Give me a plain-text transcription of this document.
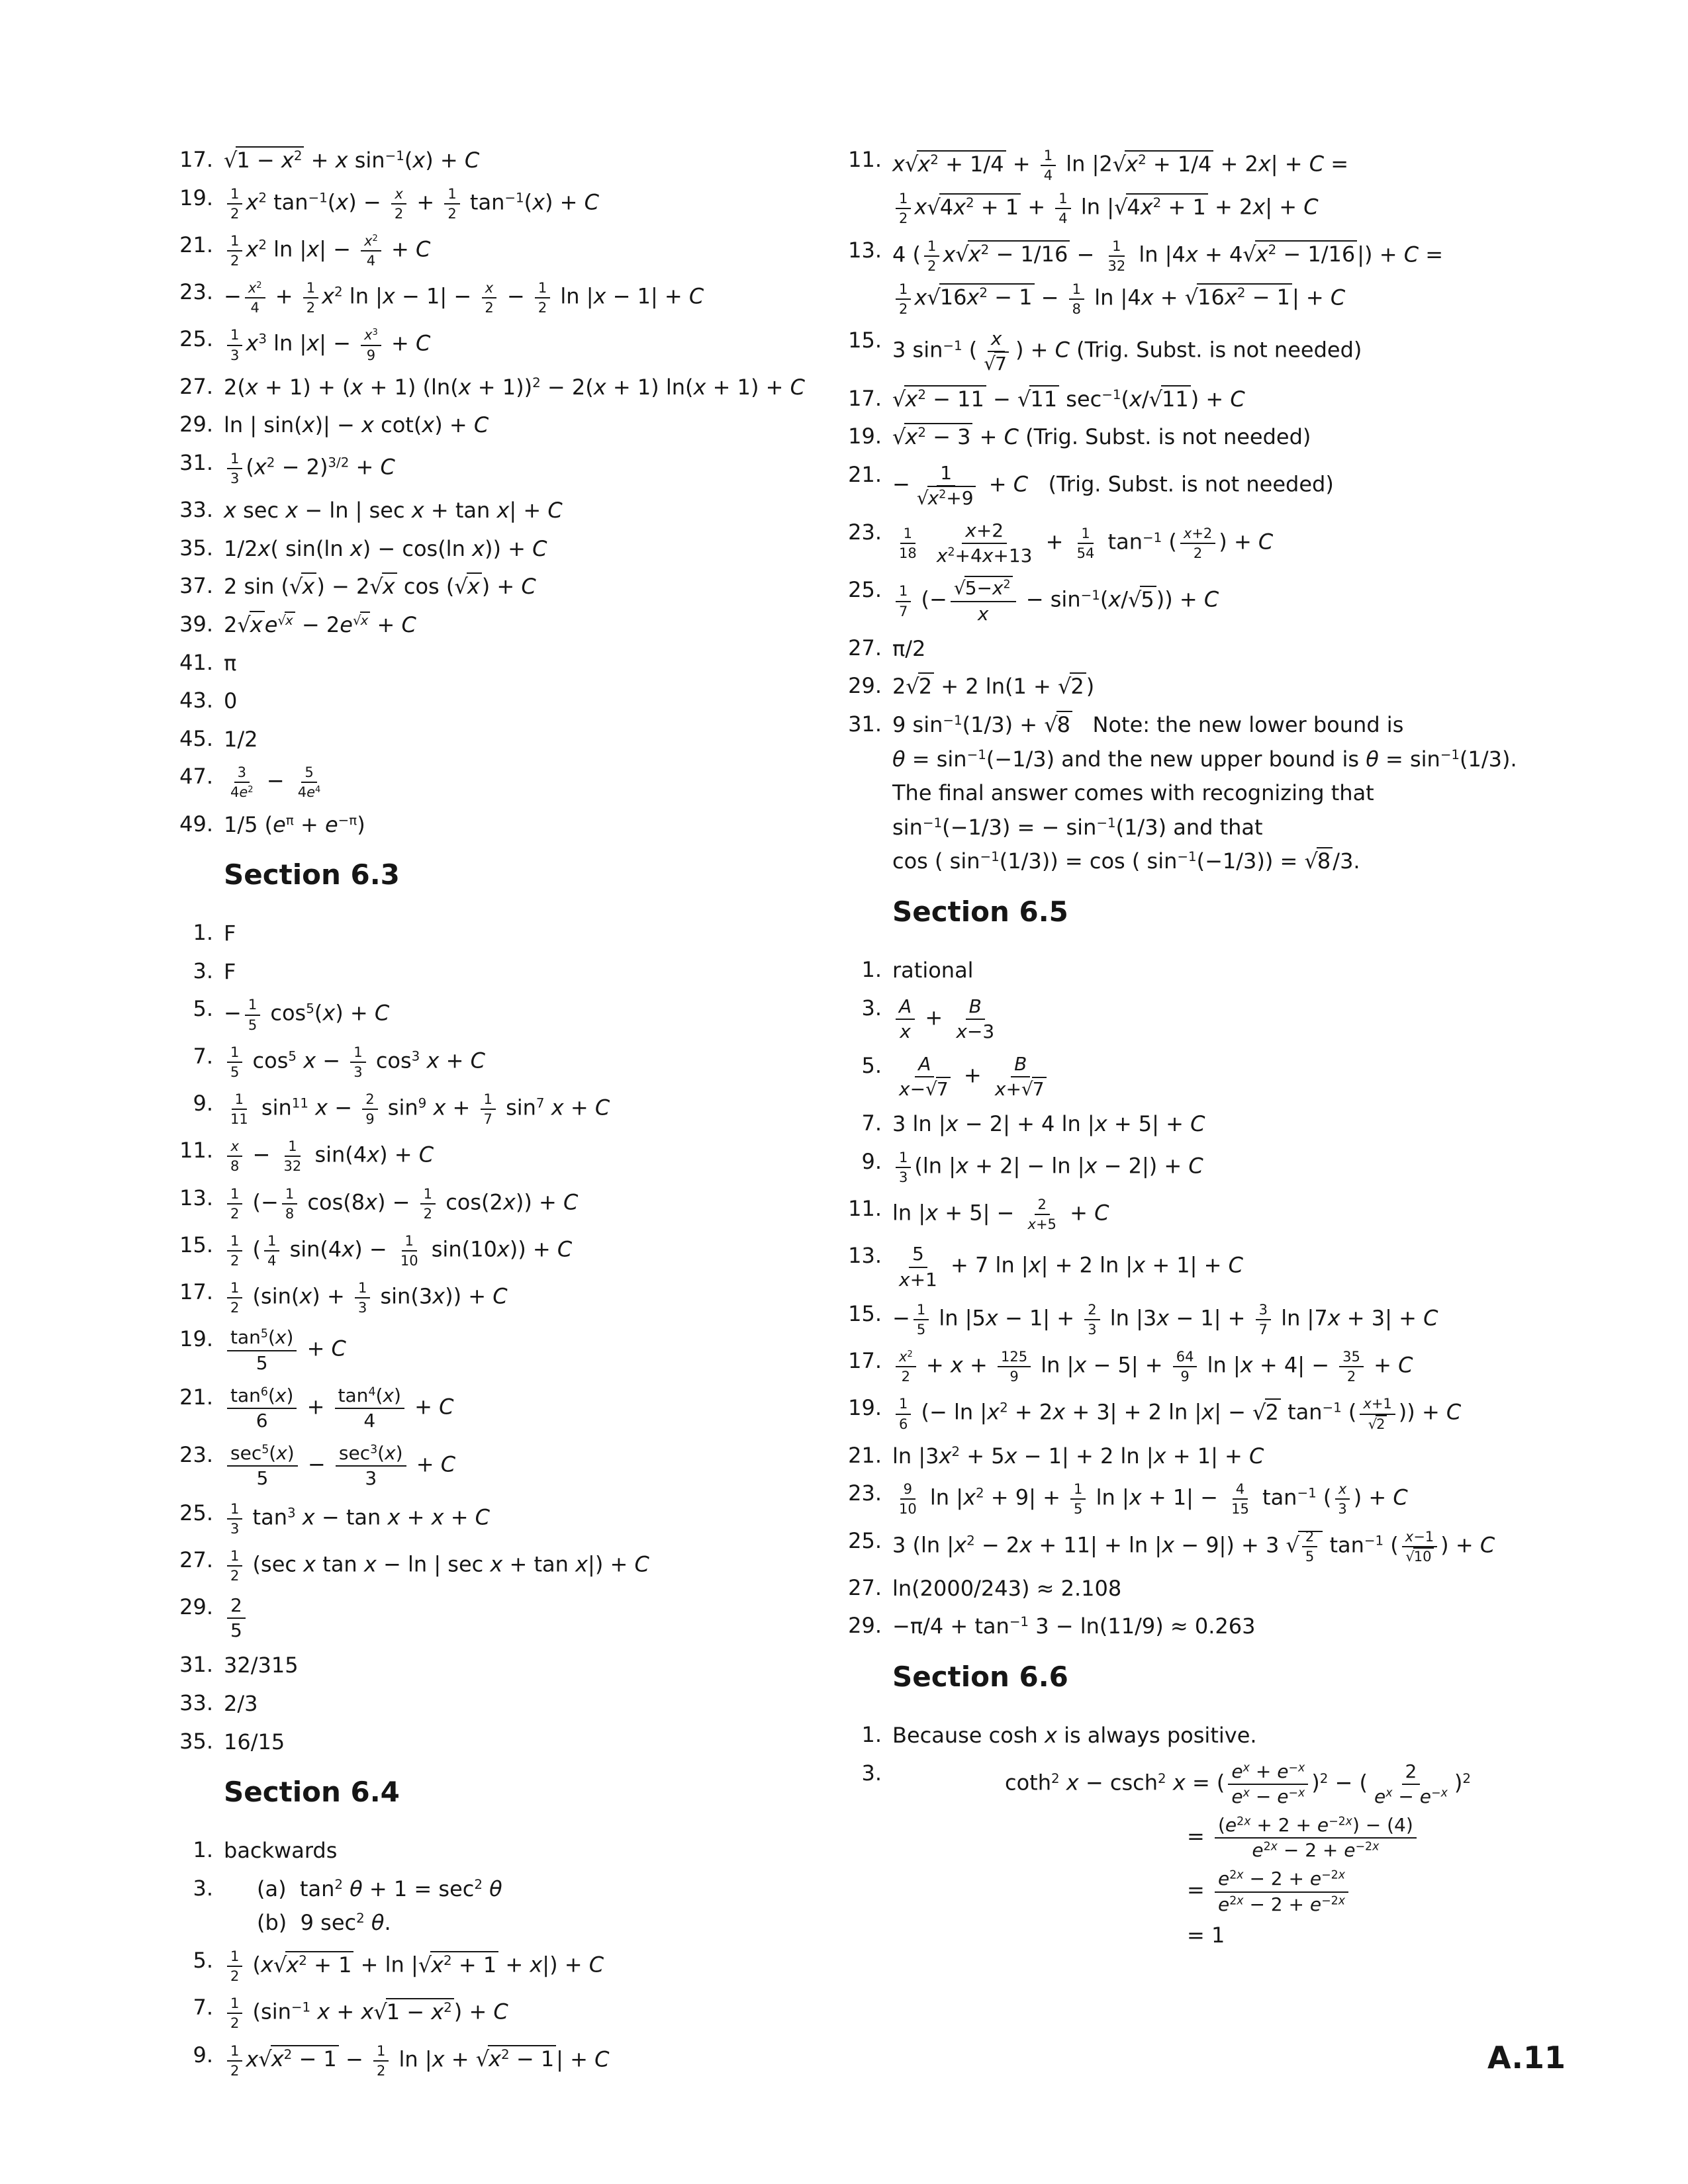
17. $√1 - x^2 + x$ $\sin^{-1}(x) + C$
19.	$\frac{1}{2} x^2$ $\tan^{-1}(x) - \frac{x}{2} + \frac{1}{2} \tan^{-1}(x) + C$
21.	$\frac{1}{2} x^2$ $\ln |x| - \frac{x^2}{4} + C$
23. − $\frac{x^2}{4} + \frac{1}{2} x^2$ $\ln |x - 1| - \frac{x}{2} - \frac{1}{2}$ ln |x − 1| + C
25.	$\frac{1}{3} x^3$ $\ln |x| - \frac{x^3}{9} + C$
27. 2(x + 1) + (x + 1) $(\ln(x + 1))^2 - 2(x + 1)$ ln(x + 1) + C
29. ln | sin(x)| − x cot(x) + C
31.	$\frac{1}{3} (x^2 - 2)^{3/2} + C$
33. x sec x − ln | sec x + tan x| + C
35. 1/2x( sin(ln x) − cos(ln x)) + C
37. 2 sin (√x) − 2√x cos (√x) + C
39. $2√xe^{√x} - 2e^{√x} + C$
41. π
43. 0
45. 1/2
47.	$\frac{3}{4e^2} - \frac{5}{4e^4}$
49. 1/5 $(e^\pi + e^{-\pi})$
Section 6.3
1. F
3. F
5. − $\frac{1}{5} \cos^5(x) + C$
7.	$\frac{1}{5} \cos^5 x - \frac{1}{3} \cos^3 x + C$
9.	$\frac{1}{11} \sin^{11} x - \frac{2}{9} \sin^9 x + \frac{1}{7} \sin^7 x + C$
11.	$\frac{x}{8} - \frac{1}{32} \sin(4x) + C$
13.	$\frac{1}{2}$ (− $\frac{1}{8} \cos(8x) - \frac{1}{2} \cos(2x)) + C$
15.	$\frac{1}{2}$ ( $\frac{1}{4} \sin(4x) - \frac{1}{10} \sin(10x)) + C$
17.	$\frac{1}{2} (\sin(x) + \frac{1}{3} \sin(3x)) + C$
19. $\frac{\tan^5(x)}{5} + C$
21. $\frac{\tan^6(x)}{6} + \frac{\tan^4(x)}{4} + C$
23. $\sec^5(x)$
5
− $\sec^3(x)$
3
+ C
25.	$\frac{1}{3} \tan^3 x - \tan x + x + C$
27.	$\frac{1}{2} (\sec$ x tan x − ln | sec x + tan x|) + C
29. $\frac{2}{5}$
31. 32/315
33. 2/3
35. 16/15
Section 6.4
1. backwards
3.	(a)  $\tan^2 \theta + 1 = \sec^2 \theta$
(b)  9 $\sec^2 \theta$.
5.	$\frac{1}{2} (x√x^2 + 1 + \ln |√x^2 + 1 + x|) + C$
7.	$\frac{1}{2} (\sin^{-1}$ $x + x√1 - x^2) + C$
9.	$\frac{1}{2} x√x^2 - 1 - \frac{1}{2}$ $\ln |x + √x^2 - 1| + C$
11. $x√x^2 + 1/4 + \frac{1}{4}$ $\ln |2√x^2 + 1/4 + 2x| + C$ =
$\frac{1}{2} x√4x^2 + 1 + \frac{1}{4}$ $\ln |√4x^2 + 1 + 2x| + C$
13. 4 ( $\frac{1}{2} x√x^2 - 1/16 - \frac{1}{32}$ $\ln |4x + 4√x^2 - 1/16|) + C$ =
$\frac{1}{2} x√16x^2 - 1 - \frac{1}{8}$ $\ln |4x + √16x^2 - 1| + C$
15. 3 $\sin^{-1}$ ( $\frac{x}{√7}$ ) + C (Trig. Subst. is not needed)
17. $√x^2 - 11 - √11$ $\sec^{-1}(x/√11) + C$
19. $√x^2 - 3 + C$ (Trig. Subst. is not needed)
21. − $\frac{1}{√x^2+9} + C$   (Trig. Subst. is not needed)
23.	$\frac{1}{18}$
$\frac{x+2}{x^2+4x+13} + \frac{1}{54} \tan^{-1}$ ( $\frac{x+2}{2}$ ) + C
25.	$\frac{1}{7}$ (− $\frac{√5-x^2}{x} - \sin^{-1}(x/√5)) + C$
27. π/2
29. 2√2 + 2 ln(1 + √2)
31. 9 $\sin^{-1}(1/3) + √8$   Note: the new lower bound is
$\theta = \sin^{-1}(-1/3)$ and the new upper bound is $\theta = \sin^{-1}(1/3)$.
The final answer comes with recognizing that
$\sin^{-1}(-1/3)$ = − $\sin^{-1}(1/3)$ and that
cos ( $\sin^{-1}(1/3)) = \cos$ ( $\sin^{-1}(-1/3)) = √8/3$.
Section 6.5
1. rational
3. $\frac{A}{x} + \frac{B}{x-3}$
5. $\frac{A}{x-√7} + \frac{B}{x+√7}$
7. 3 ln |x − 2| + 4 ln |x + 5| + C
9.	$\frac{1}{3} (\ln$ |x + 2| − ln |x − 2|) + C
11. $\ln |x + 5| - \frac{2}{x+5} + C$
13. $\frac{5}{x+1} + 7$ ln |x| + 2 ln |x + 1| + C
15. − $\frac{1}{5}$ $\ln |5x - 1| + \frac{2}{3}$ $\ln |3x - 1| + \frac{3}{7}$ ln |7x + 3| + C
17.	$\frac{x^2}{2} + x + \frac{125}{9}$ $\ln |x - 5| + \frac{64}{9}$ $\ln |x + 4| - \frac{35}{2} + C$
19.	$\frac{1}{6}$ (− $\ln |x^2 + 2x + 3| + 2$ ln |x| − √2 $\tan^{-1}$ ( $\frac{x+1}{√2}$ )) + C
21. $\ln |3x^2 + 5x - 1| + 2$ ln |x + 1| + C
23.	$\frac{9}{10}$ $\ln |x^2 + 9| + \frac{1}{5}$ $\ln |x + 1| - \frac{4}{15} \tan^{-1}$ ( $\frac{x}{3}$ ) + C
25. 3 (ln $|x^2 - 2x + 11| + \ln |x - 9|) + 3$ √ $\frac{2}{5} \tan^{-1}$ ( $\frac{x-1}{√10}$ ) + C
27. ln(2000/243) ≈ 2.108
29. $-\pi/4 + \tan^{-1} 3 - \ln(11/9) \approx 0.263$
Section 6.6
1. Because cosh x is always positive.
3.	coth$^2$ x − csch$^2$ x = ( $\frac{e^x + e^{-x}}{e^x - e^{-x}} )^2$ − ( $\frac{2}{e^x - e^{-x}} )^2$
= $\frac{(e^{2x} + 2 + e^{-2x}) - (4)}{e^{2x} - 2 + e^{-2x}}$
= $\frac{e^{2x} - 2 + e^{-2x}}{e^{2x} - 2 + e^{-2x}}$
= 1
A.11
